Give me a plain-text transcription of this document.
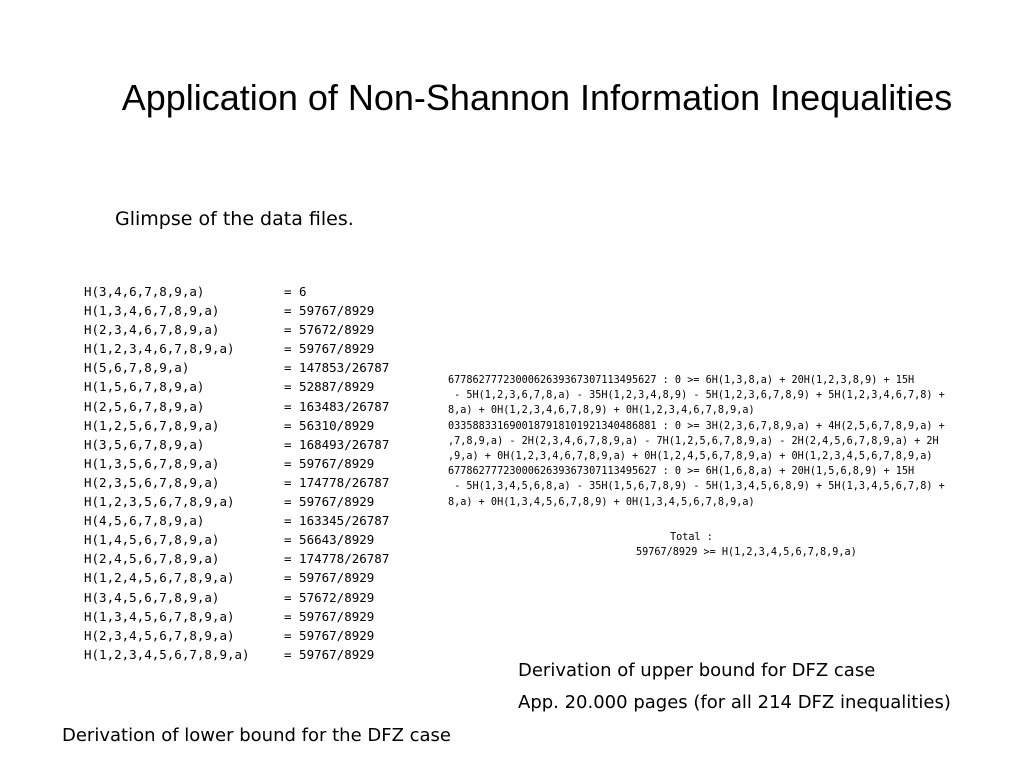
Application of Non-Shannon Information Inequalities
Glimpse of the data files.
H(3,4,6,7,8,9,a)	= 6
H(1,3,4,6,7,8,9,a)	= 59767/8929
H(2,3,4,6,7,8,9,a)	= 57672/8929
H(1,2,3,4,6,7,8,9,a)	= 59767/8929
H(5,6,7,8,9,a)	= 147853/26787
H(1,5,6,7,8,9,a)	= 52887/8929
H(2,5,6,7,8,9,a)	= 163483/26787
H(1,2,5,6,7,8,9,a)	= 56310/8929
H(3,5,6,7,8,9,a)	= 168493/26787
H(1,3,5,6,7,8,9,a)	= 59767/8929
H(2,3,5,6,7,8,9,a)	= 174778/26787
H(1,2,3,5,6,7,8,9,a)	= 59767/8929
H(4,5,6,7,8,9,a)	= 163345/26787
H(1,4,5,6,7,8,9,a)	= 56643/8929
H(2,4,5,6,7,8,9,a)	= 174778/26787
H(1,2,4,5,6,7,8,9,a)	= 59767/8929
H(3,4,5,6,7,8,9,a)	= 57672/8929
H(1,3,4,5,6,7,8,9,a)	= 59767/8929
H(2,3,4,5,6,7,8,9,a)	= 59767/8929
H(1,2,3,4,5,6,7,8,9,a)	= 59767/8929
6778627772300062639367307113495627 : 0 >= 6H(1,3,8,a) + 20H(1,2,3,8,9) + 15H
- 5H(1,2,3,6,7,8,a) - 35H(1,2,3,4,8,9) - 5H(1,2,3,6,7,8,9) + 5H(1,2,3,4,6,7,8) +
8,a) + 0H(1,2,3,4,6,7,8,9) + 0H(1,2,3,4,6,7,8,9,a)
0335883316900187918101921340486881 : 0 >= 3H(2,3,6,7,8,9,a) + 4H(2,5,6,7,8,9,a) +
,7,8,9,a) - 2H(2,3,4,6,7,8,9,a) - 7H(1,2,5,6,7,8,9,a) - 2H(2,4,5,6,7,8,9,a) + 2H
,9,a) + 0H(1,2,3,4,6,7,8,9,a) + 0H(1,2,4,5,6,7,8,9,a) + 0H(1,2,3,4,5,6,7,8,9,a)
6778627772300062639367307113495627 : 0 >= 6H(1,6,8,a) + 20H(1,5,6,8,9) + 15H
- 5H(1,3,4,5,6,8,a) - 35H(1,5,6,7,8,9) - 5H(1,3,4,5,6,8,9) + 5H(1,3,4,5,6,7,8) +
8,a) + 0H(1,3,4,5,6,7,8,9) + 0H(1,3,4,5,6,7,8,9,a)
Total :
59767/8929 >= H(1,2,3,4,5,6,7,8,9,a)
Derivation of upper bound for DFZ case
App. 20.000 pages (for all 214 DFZ inequalities)
Derivation of lower bound for the DFZ case
